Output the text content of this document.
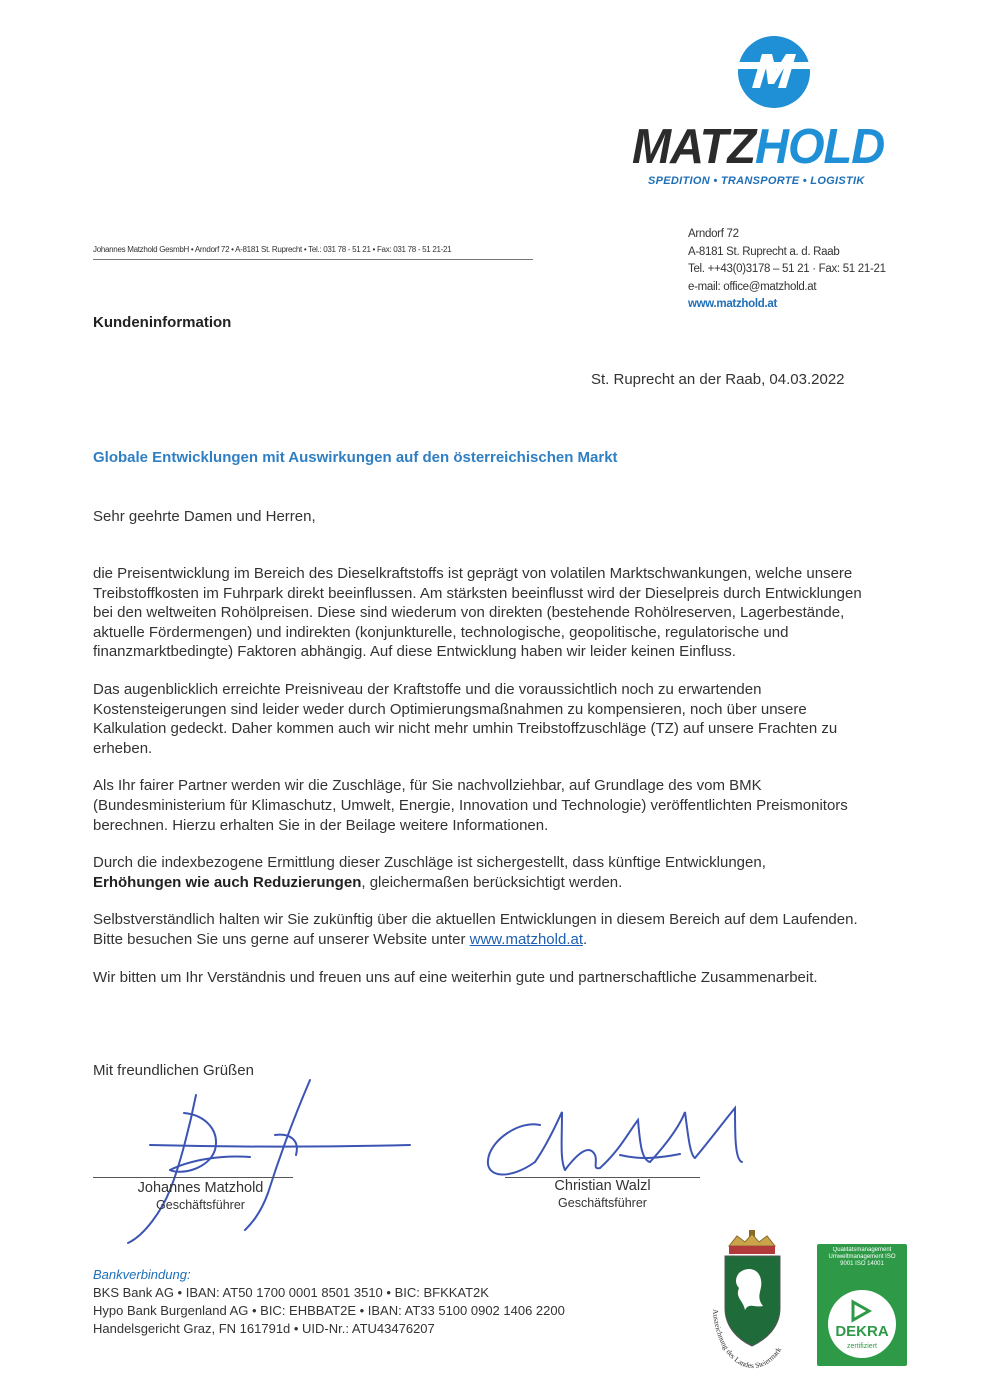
MATZHOLD
SPEDITION • TRANSPORTE • LOGISTIK
Johannes Matzhold GesmbH • Arndorf 72 • A-8181 St. Ruprecht • Tel.: 031 78 - 51 21 • Fax: 031 78 - 51 21-21
Arndorf 72
A-8181 St. Ruprecht a. d. Raab
Tel. ++43(0)3178 – 51 21 · Fax: 51 21-21
e-mail: office@matzhold.at
www.matzhold.at
Kundeninformation
St. Ruprecht an der Raab, 04.03.2022
Globale Entwicklungen mit Auswirkungen auf den österreichischen Markt
Sehr geehrte Damen und Herren,

die Preisentwicklung im Bereich des Dieselkraftstoffs ist geprägt von volatilen Marktschwankungen, welche unsere Treibstoffkosten im Fuhrpark direkt beeinflussen. Am stärksten beeinflusst wird der Dieselpreis durch Entwicklungen bei den weltweiten Rohölpreisen. Diese sind wiederum von direkten (bestehende Rohölreserven, Lagerbestände, aktuelle Fördermengen) und indirekten (konjunkturelle, technologische, geopolitische, regulatorische und finanzmarktbedingte) Faktoren abhängig. Auf diese Entwicklung haben wir leider keinen Einfluss.

Das augenblicklich erreichte Preisniveau der Kraftstoffe und die voraussichtlich noch zu erwartenden Kostensteigerungen sind leider weder durch Optimierungsmaßnahmen zu kompensieren, noch über unsere Kalkulation gedeckt. Daher kommen auch wir nicht mehr umhin Treibstoffzuschläge (TZ) auf unsere Frachten zu erheben.

Als Ihr fairer Partner werden wir die Zuschläge, für Sie nachvollziehbar, auf Grundlage des vom BMK (Bundesministerium für Klimaschutz, Umwelt, Energie, Innovation und Technologie) veröffentlichten Preismonitors berechnen. Hierzu erhalten Sie in der Beilage weitere Informationen.

Durch die indexbezogene Ermittlung dieser Zuschläge ist sichergestellt, dass künftige Entwicklungen,
Erhöhungen wie auch Reduzierungen, gleichermaßen berücksichtigt werden.

Selbstverständlich halten wir Sie zukünftig über die aktuellen Entwicklungen in diesem Bereich auf dem Laufenden. Bitte besuchen Sie uns gerne auf unserer Website unter www.matzhold.at.

Wir bitten um Ihr Verständnis und freuen uns auf eine weiterhin gute und partnerschaftliche Zusammenarbeit.

Mit freundlichen Grüßen
Johannes Matzhold
Geschäftsführer
Christian Walzl
Geschäftsführer
Bankverbindung:
BKS Bank AG • IBAN: AT50 1700 0001 8501 3510 • BIC: BFKKAT2K
Hypo Bank Burgenland AG • BIC: EHBBAT2E • IBAN: AT33 5100 0902 1406 2200
Handelsgericht Graz, FN 161791d • UID-Nr.: ATU43476207
Auszeichnung des Landes Steiermark
Qualitätsmanagement Umweltmanagement ISO 9001 ISO 14001
DEKRA
zertifiziert
